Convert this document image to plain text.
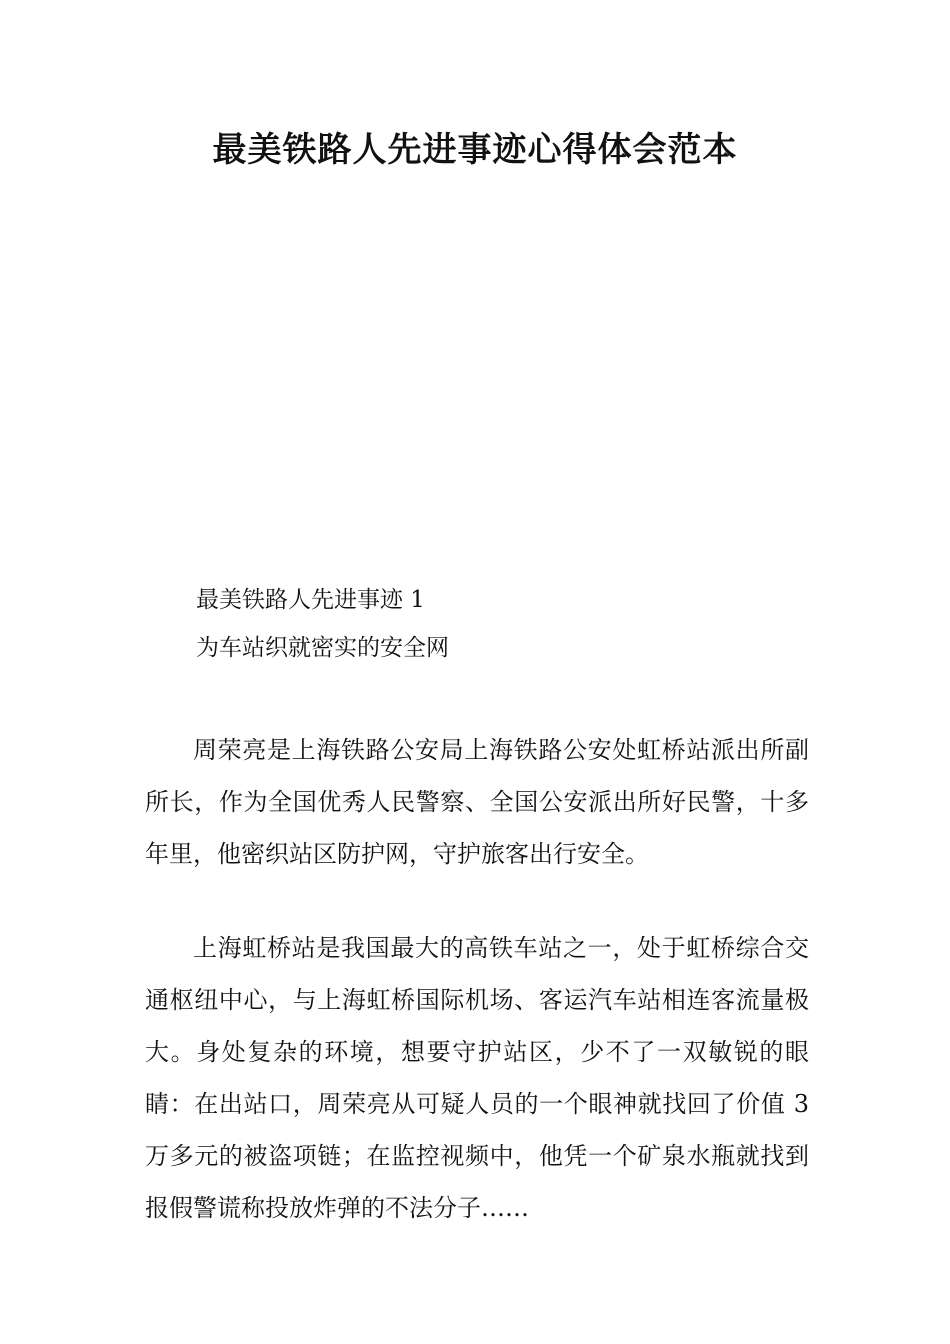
最美铁路人先进事迹心得体会范本
最美铁路人先进事迹 1
为车站织就密实的安全网

周荣亮是上海铁路公安局上海铁路公安处虹桥站派出所副所长，作为全国优秀人民警察、全国公安派出所好民警，十多年里，他密织站区防护网，守护旅客出行安全。

上海虹桥站是我国最大的高铁车站之一，处于虹桥综合交通枢纽中心，与上海虹桥国际机场、客运汽车站相连客流量极大。身处复杂的环境，想要守护站区，少不了一双敏锐的眼睛：在出站口，周荣亮从可疑人员的一个眼神就找回了价值 3 万多元的被盗项链；在监控视频中，他凭一个矿泉水瓶就找到报假警谎称投放炸弹的不法分子……
